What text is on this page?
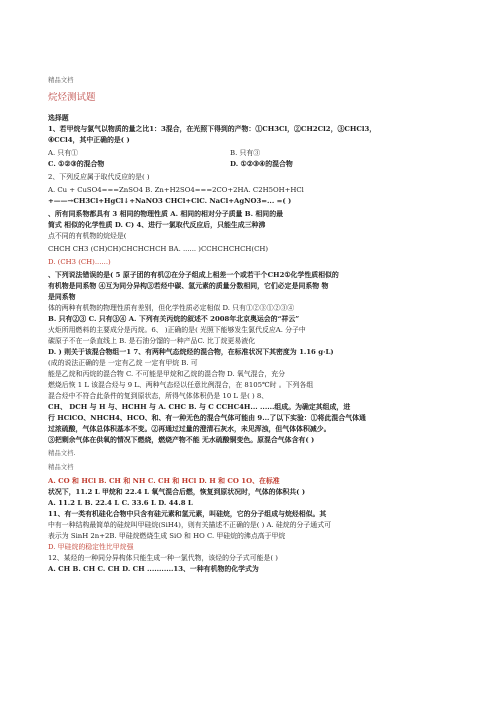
精品文档
烷烃测试题
选择题
1、若甲烷与氯气以物质的量之比1：3混合，在光照下得到的产物：①CH3Cl，②CH2Cl2，③CHCl3，
④CCl4，其中正确的是( )
A. 只有①	B. 只有③
C. ①②③的混合物	D. ①②③④的混合物
2、下列反应属于取代反应的是( )
A. Cu + CuSO4===ZnSO4 B. Zn+H2SO4===2CO+2HA. C2H5OH+HCl
+——→CH3Cl+HgCl↓+NaNO3 CHCl+ClC. NaCl+AgNO3=... =( )
、所有同系物都具有 3 相同的物理性质 A. 相同的相对分子质量 B. 相同的最
简式 相似的化学性质 D. C) 4、进行一氯取代反应后，只能生成三种沸
点不同的有机物的烷烃是(
CHCH CH3 (CH)CH)CHCHCHCH BA. ...... )CCHCHCHCH(CH)
D. (CH3 (CH)......)
、下列说法错误的是( 5 原子团的有机②在分子组成上相差一个或若干个CH2①化学性质相似的
有机物是同系物 ④互为同分异构③若烃中碳、氢元素的质量分数相同，它们必定是同系物 物
是同系物
体的两种有机物的物理性质有差别，但化学性质必定相似 D. 只有①②③①②③④
B. 只有②③ C. 只有③④ A. 下列有关丙烷的叙述不 2008年北京奥运会的“祥云”
火炬所用燃料的主要成分是丙烷。6、 )正确的是( 光照下能够发生氯代反应A. 分子中
碳原子不在一条直线上 B. 是石油分馏的一种产品C. 比丁烷更易液化
D. ) 则关于该混合物组一1 7、有两种气态烷烃的混合物，在标准状况下其密度为 1.16 g·L)
(成的说法正确的是 一定有乙烷 一定有甲烷 B. 可
能是乙烷和丙烷的混合物 C. 不可能是甲烷和乙烷的混合物 D. 氧气混合，充分
燃烧后恢 1 L 该混合烃与 9 L、两种气态烃以任意比例混合，在 8105℃时 。下列各组
混合烃中不符合此条件的复到原状态，所得气体体积仍是 10 L 是( ) 8、
CH、 DCH 与 H 与、HCHH 与 A. CHC B. 与 C CCHC4H... ......组成。为确定其组成，进
行 HClCO、NHCH4、HCO、和、有一种无色的混合气体可能由 9...了以下实验：①将此混合气体通
过浓硫酸，气体总体积基本不变。②再通过过量的澄清石灰水，未见浑浊，但气体体积减少。
③把剩余气体在供氧的情况下燃烧，燃烧产物不能 无水硫酸铜变色。原混合气体含有( )
精品文档.
精品文档
A. CO 和 HCl B. CH 和 NH C. CH 和 HCl D. H 和 CO 1O、在标准
状况下，11.2 L 甲烷和 22.4 L 氧气混合后燃，恢复到原状况时，气体的体积共( )
A. 11.2 L B. 22.4 L C. 33.6 L D. 44.8 L
11、有一类有机硅化合物中只含有硅元素和氢元素，叫硅烷，它的分子组成与烷烃相似。其
中有一种结构最简单的硅烷叫甲硅烷(SiH4)，则有关描述不正确的是( ) A. 硅烷的分子通式可
表示为 SinH 2n+2B. 甲硅烷燃烧生成 SiO 和 HO C. 甲硅烷的沸点高于甲烷
D. 甲硅烷的稳定性比甲烷强
12、某烃的一种同分异构体只能生成一种一氯代物，该烃的分子式可能是( )
A. CH B. CH C. CH D. CH ...........13、一种有机物的化学式为
